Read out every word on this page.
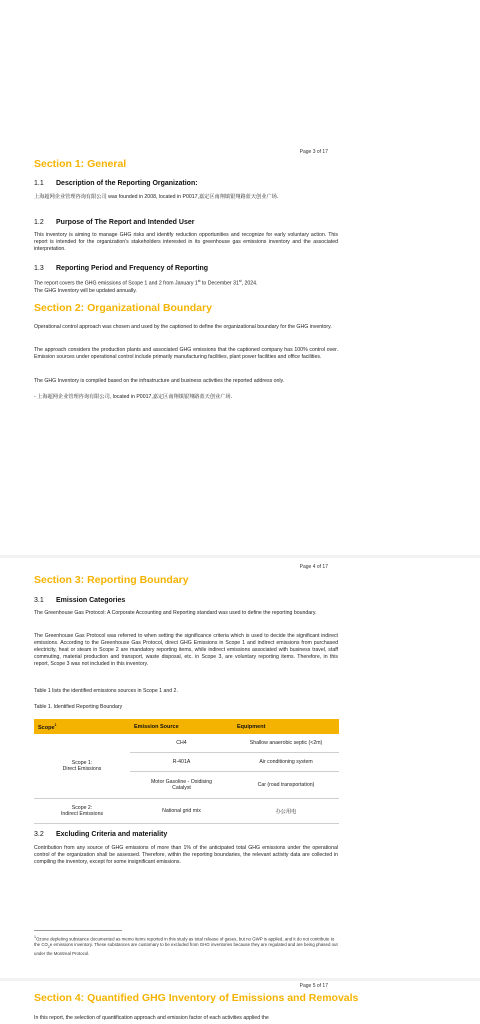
Page 3 of 17
Section 1: General
1.1 Description of the Reporting Organization:

上海超网企业管理咨询有限公司 was founded in 2008, located in P0017,嘉定区南翔镇银翔路蓝天创业广场.

1.2 Purpose of The Report and Intended User

This inventory is aiming to manage GHG risks and identify reduction opportunities and recognize for early voluntary action. This report is intended for the organization’s stakeholders interested in its greenhouse gas emissions inventory and the associated interpretation.

1.3 Reporting Period and Frequency of Reporting

The report covers the GHG emissions of Scope 1 and 2 from January 1st to December 31st, 2024.
The GHG Inventory will be updated annually.

Section 2: Organizational Boundary

Operational control approach was chosen and used by the captioned to define the organizational boundary for the GHG inventory.

The approach considers the production plants and associated GHG emissions that the captioned company has 100% control over. Emission sources under operational control include primarily manufacturing facilities, plant power facilities and office facilities.

The GHG Inventory is compiled based on the infrastructure and business activities the reported address only.

- 上海超网企业管理咨询有限公司, located in P0017,嘉定区南翔镇银翔路蓝天创业广场.

Page 4 of 17
Section 3: Reporting Boundary
3.1 Emission Categories

The Greenhouse Gas Protocol: A Corporate Accounting and Reporting standard was used to define the reporting boundary.

The Greenhouse Gas Protocol was referred to when setting the significance criteria which is used to decide the significant indirect emissions. According to the Greenhouse Gas Protocol, direct GHG Emissions in Scope 1 and indirect emissions from purchased electricity, heat or steam in Scope 2 are mandatory reporting items, while indirect emissions associated with business travel, staff commuting, material production and transport, waste disposal, etc. in Scope 3, are voluntary reporting items. Therefore, in this report, Scope 3 was not included in this inventory.

Table 1 lists the identified emissions sources in Scope 1 and 2.

Table 1. Identified Reporting Boundary

Scope$^1$	Emission Source	Equipment
Scope 1:
Direct Emissions	CH4	Shallow anaerobic septic (<2m)
	R-401A	Air conditioning system
	Motor Gasoline - Oxidising
Catalyst	Car (road transportation)
Scope 2:
Indirect Emissions	National grid mix	办公用电
3.2 Excluding Criteria and materiality

Contribution from any source of GHG emissions of more than 1% of the anticipated total GHG emissions under the operational control of the organization shall be assessed. Therefore, within the reporting boundaries, the relevant activity data are collected in compiling the inventory, except for some insignificant emissions.

$^1$Ozone depleting substance documented as memo items reported in this study as total release of gases, but no GWP is applied, and it do not contribute to the $CO_2e$ emissions inventory. These substances are customary to be excluded from GHG inventories because they are regulated and are being phased out under the Montreal Protocol.

Page 5 of 17
Section 4: Quantified GHG Inventory of Emissions and Removals

In this report, the selection of quantification approach and emission factor of each activities applied the
